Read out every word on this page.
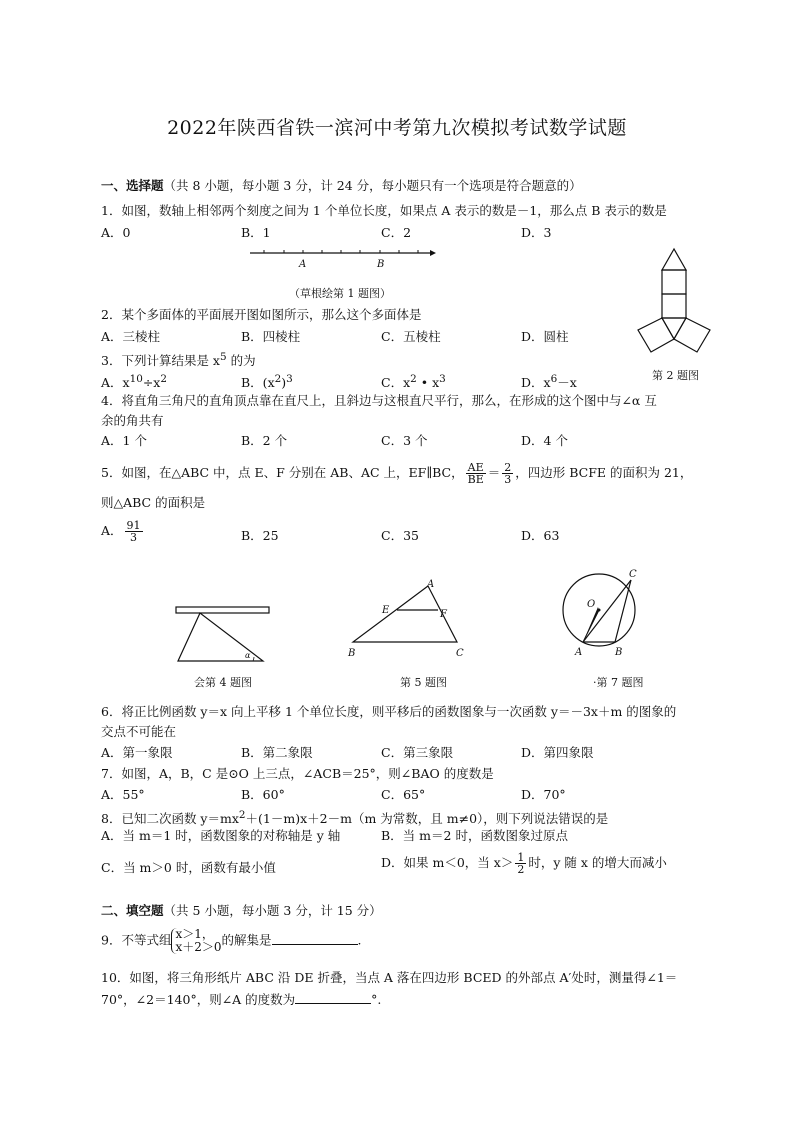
2022年陕西省铁一滨河中考第九次模拟考试数学试题
一、选择题（共 8 小题，每小题 3 分，计 24 分，每小题只有一个选项是符合题意的）
1．如图，数轴上相邻两个刻度之间为 1 个单位长度，如果点 A 表示的数是－1，那么点 B 表示的数是
A．0	B．1	C．2	D．3
A	B
（草根绘第 1 题图）
第 2 题图
2．某个多面体的平面展开图如图所示，那么这个多面体是
A．三棱柱	B．四棱柱	C．五棱柱	D．圆柱
3．下列计算结果是 $x^5$ 的为
A．$x^{10}\div x^2$	B．$(x^2)^3$	C．$x^2$ • $x^3$	D．$x^6-x$
4．将直角三角尺的直角顶点靠在直尺上，且斜边与这根直尺平行，那么，在形成的这个图中与∠α 互
余的角共有
A．1 个	B．2 个	C．3 个	D．4 个
5．如图，在△ABC 中，点 E、F 分别在 AB、AC 上，EF∥BC， $\frac{AE}{BE} = \frac{2}{3}$ ，四边形 BCFE 的面积为 21，
则△ABC 的面积是
A． $\frac{91}{3}$	B．25	C．35	D．63
α
会第 4 题图
A
E	F
B	C
第 5 题图
O
C
A	B
·第 7 题图
6．将正比例函数 y＝x 向上平移 1 个单位长度，则平移后的函数图象与一次函数 y＝－3x＋m 的图象的
交点不可能在
A．第一象限	B．第二象限	C．第三象限	D．第四象限
7．如图，A，B，C 是⊙O 上三点，∠ACB＝25°，则∠BAO 的度数是
A．55°	B．60°	C．65°	D．70°
8．已知二次函数 $y=mx^2+(1-m)x+2-m(m$ 为常数，且 m≠0），则下列说法错误的是
A．当 m＝1 时，函数图象的对称轴是 y 轴	B．当 m＝2 时，函数图象过原点
C．当 m＞0 时，函数有最小值	D．如果 m＜0，当 $x> \frac{1}{2}$ 时，y 随 x 的增大而减小
二、填空题（共 5 小题，每小题 3 分，计 15 分）
9．不等式组 x＞1，
x＋2＞0 的解集是	.
10．如图，将三角形纸片 ABC 沿 DE 折叠，当点 A 落在四边形 BCED 的外部点 A′处时，测量得∠1＝
70°，∠2＝140°，则∠A 的度数为	°.
